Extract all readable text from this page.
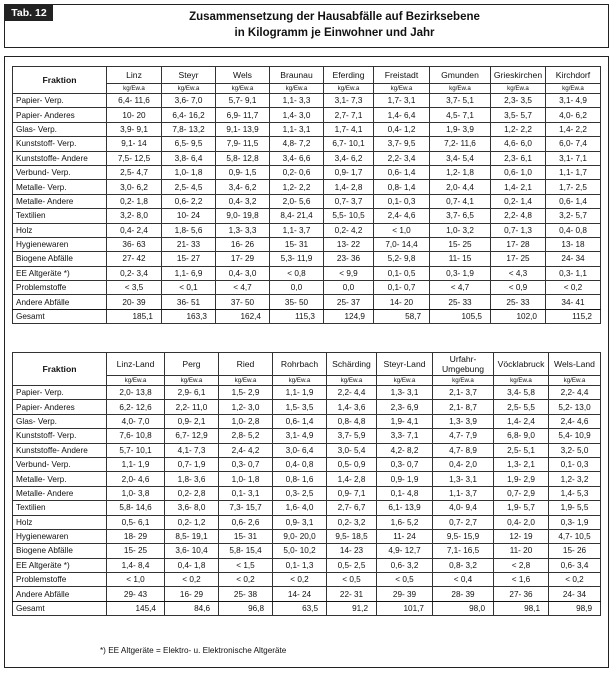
Tab. 12	Zusammensetzung der Hausabfälle auf Bezirksebene
in Kilogramm je Einwohner und Jahr
Fraktion	Linz	Steyr	Wels	Braunau	Eferding	Freistadt	Gmunden	Grieskirchen	Kirchdorf
	kg/Ew.a	kg/Ew.a	kg/Ew.a	kg/Ew.a	kg/Ew.a	kg/Ew.a	kg/Ew.a	kg/Ew.a	kg/Ew.a
Papier- Verp.	6,4- 11,6	3,6- 7,0	5,7- 9,1	1,1- 3,3	3,1- 7,3	1,7- 3,1	3,7- 5,1	2,3- 3,5	3,1- 4,9
Papier- Anderes	10- 20	6,4- 16,2	6,9- 11,7	1,4- 3,0	2,7- 7,1	1,4- 6,4	4,5- 7,1	3,5- 5,7	4,0- 6,2
Glas- Verp.	3,9- 9,1	7,8- 13,2	9,1- 13,9	1,1- 3,1	1,7- 4,1	0,4- 1,2	1,9- 3,9	1,2- 2,2	1,4- 2,2
Kunststoff- Verp.	9,1- 14	6,5- 9,5	7,9- 11,5	4,8- 7,2	6,7- 10,1	3,7- 9,5	7,2- 11,6	4,6- 6,0	6,0- 7,4
Kunststoffe- Andere	7,5- 12,5	3,8- 6,4	5,8- 12,8	3,4- 6,6	3,4- 6,2	2,2- 3,4	3,4- 5,4	2,3- 6,1	3,1- 7,1
Verbund- Verp.	2,5- 4,7	1,0- 1,8	0,9- 1,5	0,2- 0,6	0,9- 1,7	0,6- 1,4	1,2- 1,8	0,6- 1,0	1,1- 1,7
Metalle- Verp.	3,0- 6,2	2,5- 4,5	3,4- 6,2	1,2- 2,2	1,4- 2,8	0,8- 1,4	2,0- 4,4	1,4- 2,1	1,7- 2,5
Metalle- Andere	0,2- 1,8	0,6- 2,2	0,4- 3,2	2,0- 5,6	0,7- 3,7	0,1- 0,3	0,7- 4,1	0,2- 1,4	0,6- 1,4
Textilien	3,2- 8,0	10- 24	9,0- 19,8	8,4- 21,4	5,5- 10,5	2,4- 4,6	3,7- 6,5	2,2- 4,8	3,2- 5,7
Holz	0,4- 2,4	1,8- 5,6	1,3- 3,3	1,1- 3,7	0,2- 4,2	< 1,0	1,0- 3,2	0,7- 1,3	0,4- 0,8
Hygienewaren	36- 63	21- 33	16- 26	15- 31	13- 22	7,0- 14,4	15- 25	17- 28	13- 18
Biogene Abfälle	27- 42	15- 27	17- 29	5,3- 11,9	23- 36	5,2- 9,8	11- 15	17- 25	24- 34
EE Altgeräte *)	0,2- 3,4	1,1- 6,9	0,4- 3,0	< 0,8	< 9,9	0,1- 0,5	0,3- 1,9	< 4,3	0,3- 1,1
Problemstoffe	< 3,5	< 0,1	< 4,7	0,0	0,0	0,1- 0,7	< 4,7	< 0,9	< 0,2
Andere Abfälle	20- 39	36- 51	37- 50	35- 50	25- 37	14- 20	25- 33	25- 33	34- 41
Gesamt	185,1	163,3	162,4	115,3	124,9	58,7	105,5	102,0	115,2
Fraktion	Linz-Land	Perg	Ried	Rohrbach	Schärding	Steyr-Land	Urfahr-
Umgebung	Vöcklabruck	Wels-Land
	kg/Ew.a	kg/Ew.a	kg/Ew.a	kg/Ew.a	kg/Ew.a	kg/Ew.a	kg/Ew.a	kg/Ew.a	kg/Ew.a
Papier- Verp.	2,0- 13,8	2,9- 6,1	1,5- 2,9	1,1- 1,9	2,2- 4,4	1,3- 3,1	2,1- 3,7	3,4- 5,8	2,2- 4,4
Papier- Anderes	6,2- 12,6	2,2- 11,0	1,2- 3,0	1,5- 3,5	1,4- 3,6	2,3- 6,9	2,1- 8,7	2,5- 5,5	5,2- 13,0
Glas- Verp.	4,0- 7,0	0,9- 2,1	1,0- 2,8	0,6- 1,4	0,8- 4,8	1,9- 4,1	1,3- 3,9	1,4- 2,4	2,4- 4,6
Kunststoff- Verp.	7,6- 10,8	6,7- 12,9	2,8- 5,2	3,1- 4,9	3,7- 5,9	3,3- 7,1	4,7- 7,9	6,8- 9,0	5,4- 10,9
Kunststoffe- Andere	5,7- 10,1	4,1- 7,3	2,4- 4,2	3,0- 6,4	3,0- 5,4	4,2- 8,2	4,7- 8,9	2,5- 5,1	3,2- 5,0
Verbund- Verp.	1,1- 1,9	0,7- 1,9	0,3- 0,7	0,4- 0,8	0,5- 0,9	0,3- 0,7	0,4- 2,0	1,3- 2,1	0,1- 0,3
Metalle- Verp.	2,0- 4,6	1,8- 3,6	1,0- 1,8	0,8- 1,6	1,4- 2,8	0,9- 1,9	1,3- 3,1	1,9- 2,9	1,2- 3,2
Metalle- Andere	1,0- 3,8	0,2- 2,8	0,1- 3,1	0,3- 2,5	0,9- 7,1	0,1- 4,8	1,1- 3,7	0,7- 2,9	1,4- 5,3
Textilien	5,8- 14,6	3,6- 8,0	7,3- 15,7	1,6- 4,0	2,7- 6,7	6,1- 13,9	4,0- 9,4	1,9- 5,7	1,9- 5,5
Holz	0,5- 6,1	0,2- 1,2	0,6- 2,6	0,9- 3,1	0,2- 3,2	1,6- 5,2	0,7- 2,7	0,4- 2,0	0,3- 1,9
Hygienewaren	18- 29	8,5- 19,1	15- 31	9,0- 20,0	9,5- 18,5	11- 24	9,5- 15,9	12- 19	4,7- 10,5
Biogene Abfälle	15- 25	3,6- 10,4	5,8- 15,4	5,0- 10,2	14- 23	4,9- 12,7	7,1- 16,5	11- 20	15- 26
EE Altgeräte *)	1,4- 8,4	0,4- 1,8	< 1,5	0,1- 1,3	0,5- 2,5	0,6- 3,2	0,8- 3,2	< 2,8	0,6- 3,4
Problemstoffe	< 1,0	< 0,2	< 0,2	< 0,2	< 0,5	< 0,5	< 0,4	< 1,6	< 0,2
Andere Abfälle	29- 43	16- 29	25- 38	14- 24	22- 31	29- 39	28- 39	27- 36	24- 34
Gesamt	145,4	84,6	96,8	63,5	91,2	101,7	98,0	98,1	98,9
*) EE Altgeräte = Elektro- u. Elektronische Altgeräte
